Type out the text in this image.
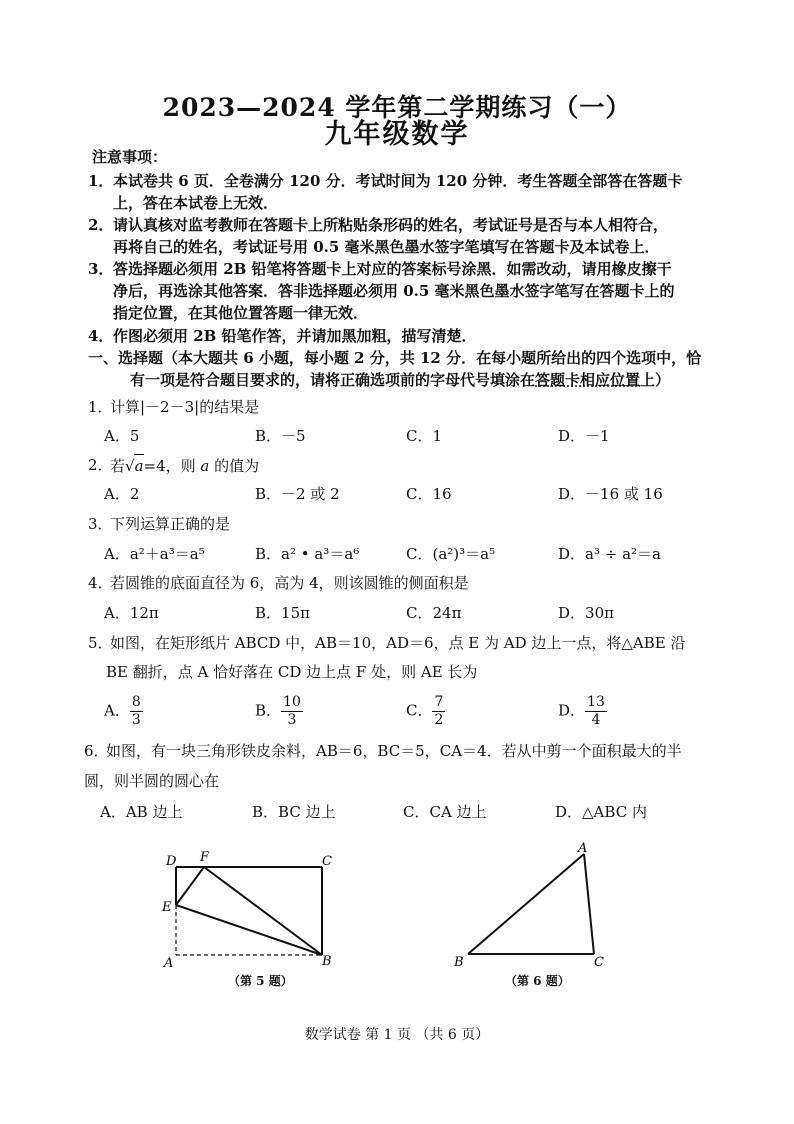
2023—2024 学年第二学期练习（一）
九年级数学
注意事项：
1． 本试卷共 6 页．全卷满分 120 分．考试时间为 120 分钟．考生答题全部答在答题卡
上，答在本试卷上无效．
2． 请认真核对监考教师在答题卡上所粘贴条形码的姓名，考试证号是否与本人相符合，
再将自己的姓名，考试证号用 0.5 毫米黑色墨水签字笔填写在答题卡及本试卷上．
3． 答选择题必须用 2B 铅笔将答题卡上对应的答案标号涂黑．如需改动，请用橡皮擦干
净后，再选涂其他答案．答非选择题必须用 0.5 毫米黑色墨水签字笔写在答题卡上的
指定位置，在其他位置答题一律无效．
4． 作图必须用 2B 铅笔作答，并请加黑加粗，描写清楚．
一、选择题（本大题共 6 小题，每小题 2 分，共 12 分．在每小题所给出的四个选项中，恰
有一项是符合题目要求的，请将正确选项前的字母代号填涂在答题卡相应位置上）
1．
计算|－2－3|的结果是
A．5	B．－5	C．1	D．－1
2．
若√a=4，则 a 的值为
A．2	B．－2 或 2	C．16	D．－16 或 16
3．
下列运算正确的是
A．a²＋a³＝a⁵	B．a² • a³＝a⁶	C．(a²)³＝a⁵	D．a³ ÷ a²＝a
4．
若圆锥的底面直径为 6，高为 4，则该圆锥的侧面积是
A．12π	B．15π	C．24π	D．30π
5．
如图，在矩形纸片 ABCD 中，AB＝10，AD＝6，点 E 为 AD 边上一点，将△ABE 沿
BE 翻折，点 A 恰好落在 CD 边上点 F 处，则 AE 长为
A． $\frac{8}{3}$	B． $\frac{10}{3}$	C． $\frac{7}{2}$	D． $\frac{13}{4}$
6．
如图，有一块三角形铁皮余料，AB＝6，BC＝5，CA＝4．若从中剪一个面积最大的半
圆，则半圆的圆心在
A．AB 边上	B．BC 边上	C．CA 边上	D．△ABC 内
D F	C
E
A	B
（第 5 题）
A
B	C
（第 6 题）
数学试卷 第 1 页 （共 6 页）
